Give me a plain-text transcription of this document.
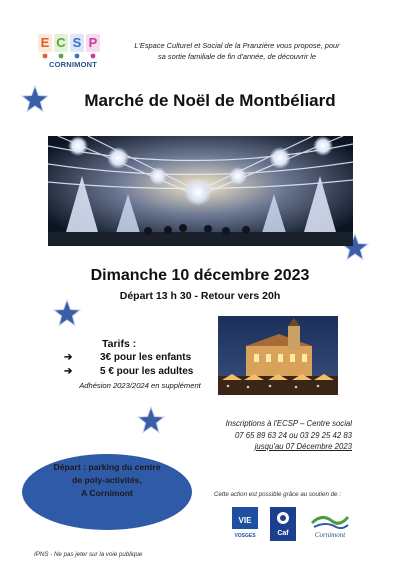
E C S P
CORNIMONT
L'Espace Culturel et Social de la Pranzière vous propose, pour
sa sortie familiale de fin d'année, de découvrir le
Marché de Noël de Montbéliard
Dimanche 10 décembre 2023
Départ 13 h 30 - Retour vers 20h
Tarifs :
➔	3€ pour les enfants
➔	5 € pour les adultes
Adhésion 2023/2024 en supplément
Inscriptions à l'ECSP – Centre social
07 65 89 63 24 ou 03 29 25 42 83
jusqu'au 07 Décembre 2023
Départ : parking du centre
de poly-activités,
A Cornimont	Cette action est possible grâce au soutien de :
VIE
VOSGES	Caf	Cornimont
IPNS - Ne pas jeter sur la voie publique
